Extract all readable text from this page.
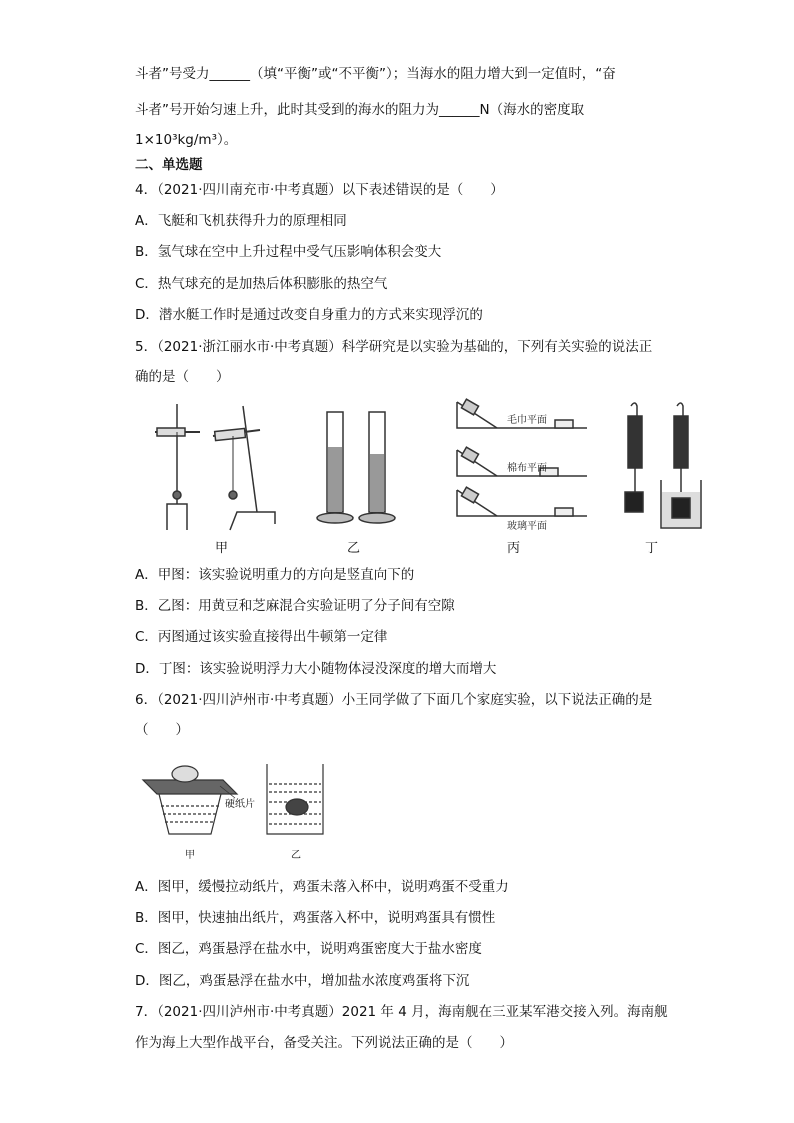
斗者”号受力______（填“平衡”或“不平衡”）；当海水的阻力增大到一定值时，“奋
斗者”号开始匀速上升，此时其受到的海水的阻力为______N（海水的密度取
1×10³kg/m³）。
二、单选题
4．（2021·四川南充市·中考真题）以下表述错误的是（　　）
A．飞艇和飞机获得升力的原理相同
B．氢气球在空中上升过程中受气压影响体积会变大
C．热气球充的是加热后体积膨胀的热空气
D．潜水艇工作时是通过改变自身重力的方式来实现浮沉的
5．（2021·浙江丽水市·中考真题）科学研究是以实验为基础的，下列有关实验的说法正
确的是（　　）
毛巾平面
棉布平面
玻璃平面
甲	乙	丙	丁
A．甲图：该实验说明重力的方向是竖直向下的
B．乙图：用黄豆和芝麻混合实验证明了分子间有空隙
C．丙图通过该实验直接得出牛顿第一定律
D．丁图：该实验说明浮力大小随物体浸没深度的增大而增大
6．（2021·四川泸州市·中考真题）小王同学做了下面几个家庭实验，以下说法正确的是
（　　）
硬纸片
甲	乙
A．图甲，缓慢拉动纸片，鸡蛋未落入杯中，说明鸡蛋不受重力
B．图甲，快速抽出纸片，鸡蛋落入杯中，说明鸡蛋具有惯性
C．图乙，鸡蛋悬浮在盐水中，说明鸡蛋密度大于盐水密度
D．图乙，鸡蛋悬浮在盐水中，增加盐水浓度鸡蛋将下沉
7．（2021·四川泸州市·中考真题）2021 年 4 月，海南舰在三亚某军港交接入列。海南舰
作为海上大型作战平台，备受关注。下列说法正确的是（　　）
